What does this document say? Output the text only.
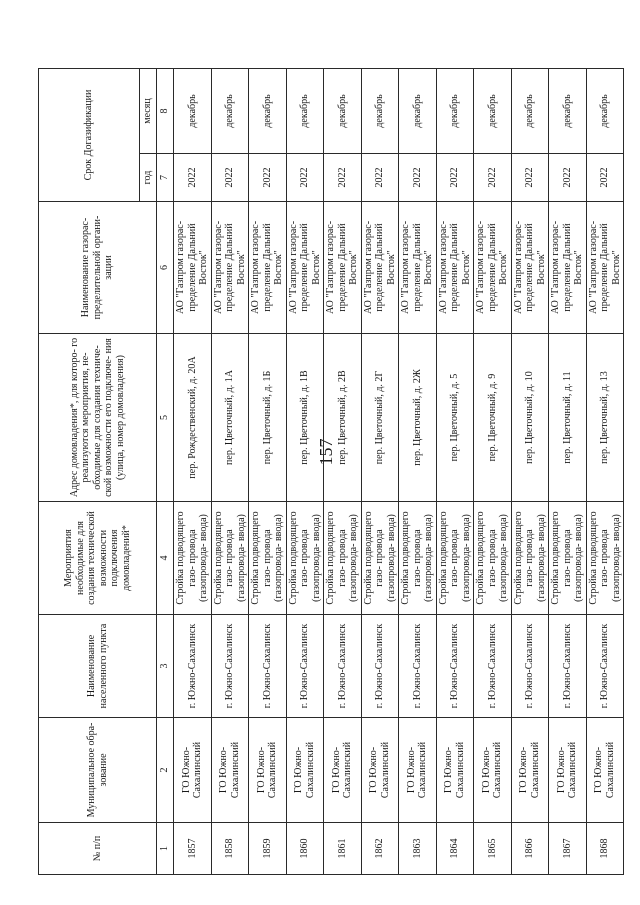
157
№ п/п	Муниципальное обра- зование	Наименование населенного пункта	Мероприятия необходимые для создания технической возможности подключения домовладений*	Адрес домовладения*, для которо- го реализуются мероприятия, не- обходимые для создания техниче- ской возможности его подключе- ния (улица, номер домовладения)	Наименование газорас- пределительной органи- зации	Срок Догазификации	
						год	месяц
1	2	3	4	5	6	7	8
1857	ГО Южно-Сахалинский	г. Южно-Сахалинск	Стройка подводящего газо- провода (газопровода- ввода)	пер. Рождественский, д. 20А	АО "Газпром газорас- пределение Дальний Восток"	2022	декабрь
1858	ГО Южно-Сахалинский	г. Южно-Сахалинск	Стройка подводящего газо- провода (газопровода- ввода)	пер. Цветочный, д. 1А	АО "Газпром газорас- пределение Дальний Восток"	2022	декабрь
1859	ГО Южно-Сахалинский	г. Южно-Сахалинск	Стройка подводящего газо- провода (газопровода- ввода)	пер. Цветочный, д. 1Б	АО "Газпром газорас- пределение Дальний Восток"	2022	декабрь
1860	ГО Южно-Сахалинский	г. Южно-Сахалинск	Стройка подводящего газо- провода (газопровода- ввода)	пер. Цветочный, д. 1В	АО "Газпром газорас- пределение Дальний Восток"	2022	декабрь
1861	ГО Южно-Сахалинский	г. Южно-Сахалинск	Стройка подводящего газо- провода (газопровода- ввода)	пер. Цветочный, д. 2В	АО "Газпром газорас- пределение Дальний Восток"	2022	декабрь
1862	ГО Южно-Сахалинский	г. Южно-Сахалинск	Стройка подводящего газо- провода (газопровода- ввода)	пер. Цветочный, д. 2Г	АО "Газпром газорас- пределение Дальний Восток"	2022	декабрь
1863	ГО Южно-Сахалинский	г. Южно-Сахалинск	Стройка подводящего газо- провода (газопровода- ввода)	пер. Цветочный, д. 2Ж	АО "Газпром газорас- пределение Дальний Восток"	2022	декабрь
1864	ГО Южно-Сахалинский	г. Южно-Сахалинск	Стройка подводящего газо- провода (газопровода- ввода)	пер. Цветочный, д. 5	АО "Газпром газорас- пределение Дальний Восток"	2022	декабрь
1865	ГО Южно-Сахалинский	г. Южно-Сахалинск	Стройка подводящего газо- провода (газопровода- ввода)	пер. Цветочный, д. 9	АО "Газпром газорас- пределение Дальний Восток"	2022	декабрь
1866	ГО Южно-Сахалинский	г. Южно-Сахалинск	Стройка подводящего газо- провода (газопровода- ввода)	пер. Цветочный, д. 10	АО "Газпром газорас- пределение Дальний Восток"	2022	декабрь
1867	ГО Южно-Сахалинский	г. Южно-Сахалинск	Стройка подводящего газо- провода (газопровода- ввода)	пер. Цветочный, д. 11	АО "Газпром газорас- пределение Дальний Восток"	2022	декабрь
1868	ГО Южно-Сахалинский	г. Южно-Сахалинск	Стройка подводящего газо- провода (газопровода- ввода)	пер. Цветочный, д. 13	АО "Газпром газорас- пределение Дальний Восток"	2022	декабрь
